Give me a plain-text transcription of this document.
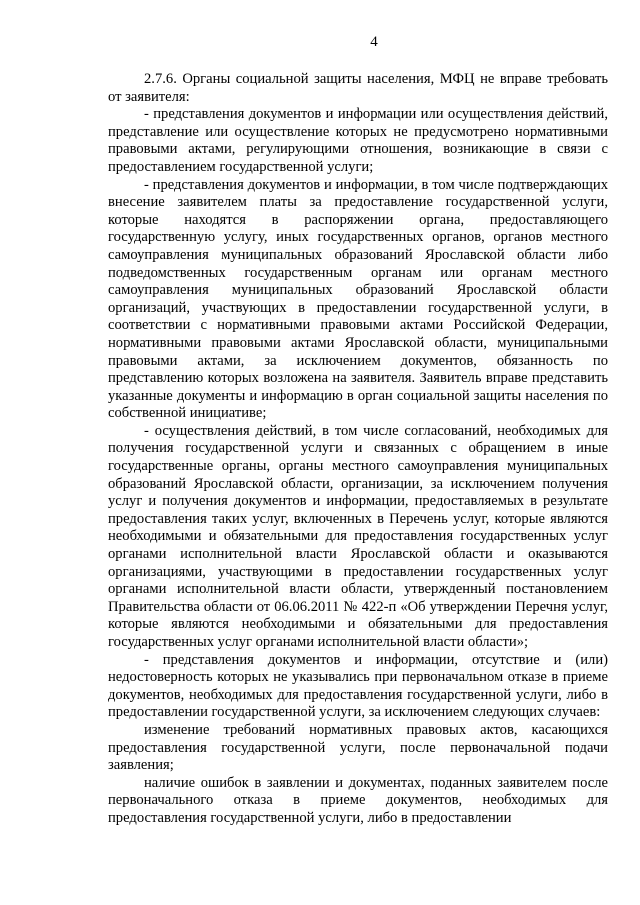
4

2.7.6. Органы социальной защиты населения, МФЦ не вправе требовать от заявителя:

- представления документов и информации или осуществления действий, представление или осуществление которых не предусмотрено нормативными правовыми актами, регулирующими отношения, возникающие в связи с предоставлением государственной услуги;

- представления документов и информации, в том числе подтверждающих внесение заявителем платы за предоставление государственной услуги, которые находятся в распоряжении органа, предоставляющего государственную услугу, иных государственных органов, органов местного самоуправления муниципальных образований Ярославской области либо подведомственных государственным органам или органам местного самоуправления муниципальных образований Ярославской области организаций, участвующих в предоставлении государственной услуги, в соответствии с нормативными правовыми актами Российской Федерации, нормативными правовыми актами Ярославской области, муниципальными правовыми актами, за исключением документов, обязанность по представлению которых возложена на заявителя. Заявитель вправе представить указанные документы и информацию в орган социальной защиты населения по собственной инициативе;

- осуществления действий, в том числе согласований, необходимых для получения государственной услуги и связанных с обращением в иные государственные органы, органы местного самоуправления муниципальных образований Ярославской области, организации, за исключением получения услуг и получения документов и информации, предоставляемых в результате предоставления таких услуг, включенных в Перечень услуг, которые являются необходимыми и обязательными для предоставления государственных услуг органами исполнительной власти Ярославской области и оказываются организациями, участвующими в предоставлении государственных услуг органами исполнительной власти области, утвержденный постановлением Правительства области от 06.06.2011 № 422-п «Об утверждении Перечня услуг, которые являются необходимыми и обязательными для предоставления государственных услуг органами исполнительной власти области»;

- представления документов и информации, отсутствие и (или) недостоверность которых не указывались при первоначальном отказе в приеме документов, необходимых для предоставления государственной услуги, либо в предоставлении государственной услуги, за исключением следующих случаев:

изменение требований нормативных правовых актов, касающихся предоставления государственной услуги, после первоначальной подачи заявления;

наличие ошибок в заявлении и документах, поданных заявителем после первоначального отказа в приеме документов, необходимых для предоставления государственной услуги, либо в предоставлении
